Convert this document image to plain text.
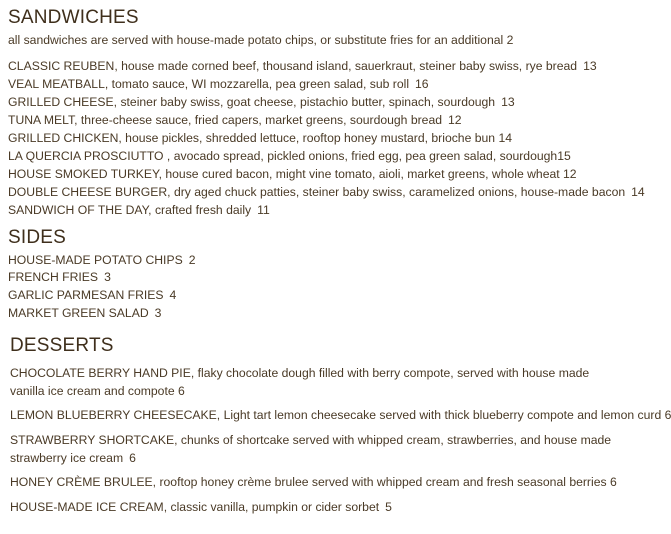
SANDWICHES

all sandwiches are served with house-made potato chips, or substitute fries for an additional 2

CLASSIC REUBEN, house made corned beef, thousand island, sauerkraut, steiner baby swiss, rye bread 13

VEAL MEATBALL, tomato sauce, WI mozzarella, pea green salad, sub roll 16

GRILLED CHEESE, steiner baby swiss, goat cheese, pistachio butter, spinach, sourdough 13

TUNA MELT, three-cheese sauce, fried capers, market greens, sourdough bread 12

GRILLED CHICKEN, house pickles, shredded lettuce, rooftop honey mustard, brioche bun 14

LA QUERCIA PROSCIUTTO , avocado spread, pickled onions, fried egg, pea green salad, sourdough15

HOUSE SMOKED TURKEY, house cured bacon, might vine tomato, aioli, market greens, whole wheat 12

DOUBLE CHEESE BURGER, dry aged chuck patties, steiner baby swiss, caramelized onions, house-made bacon 14

SANDWICH OF THE DAY, crafted fresh daily 11

SIDES

HOUSE-MADE POTATO CHIPS 2

FRENCH FRIES 3

GARLIC PARMESAN FRIES 4

MARKET GREEN SALAD 3

DESSERTS

CHOCOLATE BERRY HAND PIE, flaky chocolate dough filled with berry compote, served with house made vanilla ice cream and compote 6

LEMON BLUEBERRY CHEESECAKE, Light tart lemon cheesecake served with thick blueberry compote and lemon curd 6

STRAWBERRY SHORTCAKE, chunks of shortcake served with whipped cream, strawberries, and house made strawberry ice cream 6

HONEY CRÈME BRULEE, rooftop honey crème brulee served with whipped cream and fresh seasonal berries 6

HOUSE-MADE ICE CREAM, classic vanilla, pumpkin or cider sorbet 5
